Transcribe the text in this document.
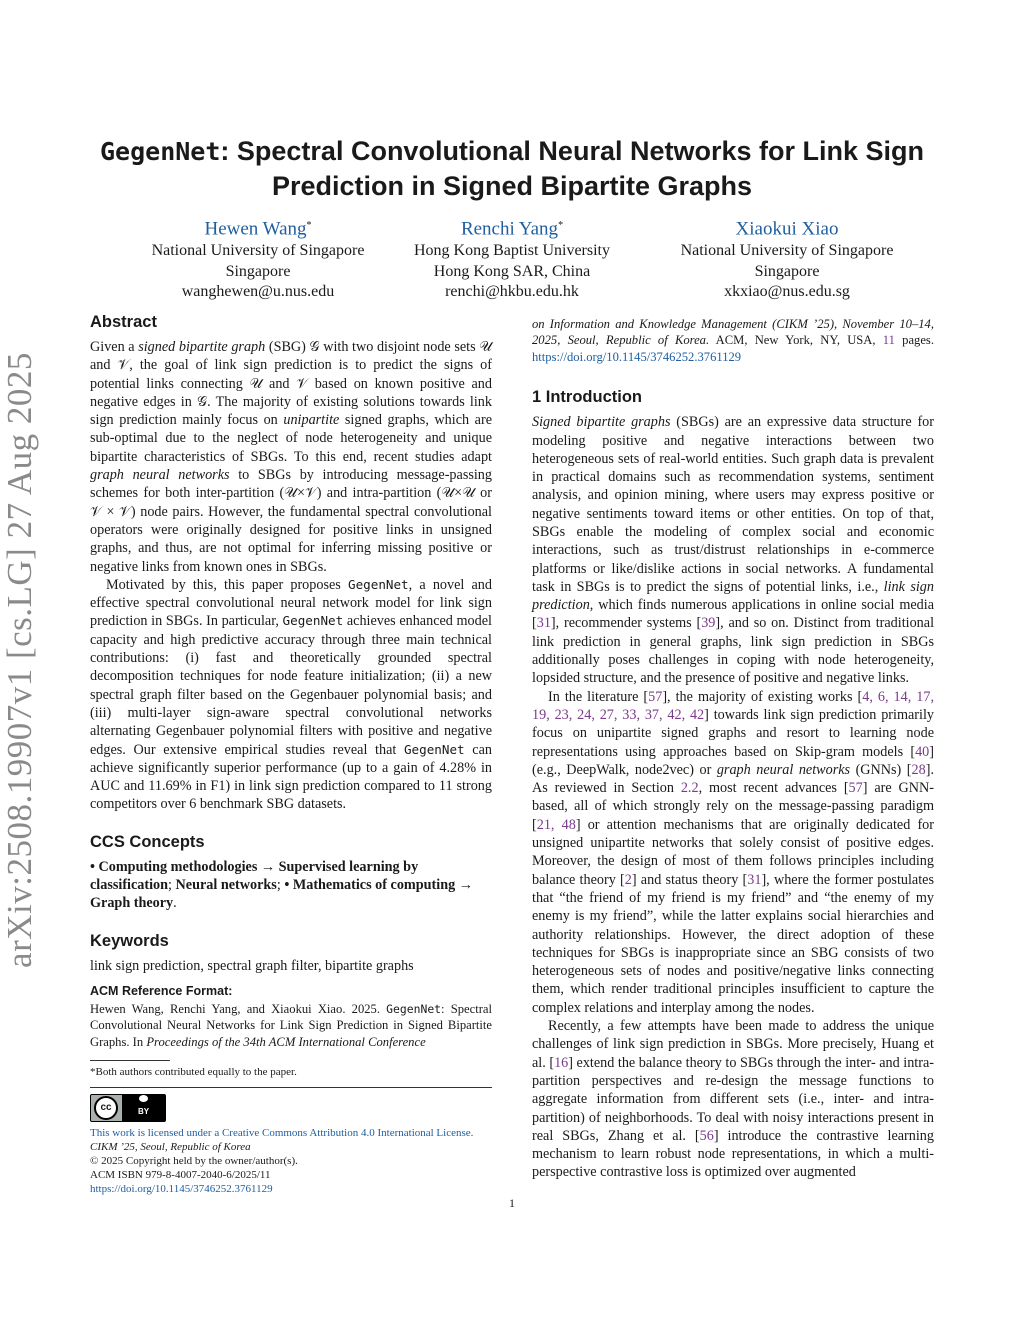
arXiv:2508.19907v1 [cs.LG] 27 Aug 2025
GegenNet: Spectral Convolutional Neural Networks for Link Sign
Prediction in Signed Bipartite Graphs
Hewen Wang*
National University of Singapore
Singapore
wanghewen@u.nus.edu
Renchi Yang*
Hong Kong Baptist University
Hong Kong SAR, China
renchi@hkbu.edu.hk
Xiaokui Xiao
National University of Singapore
Singapore
xkxiao@nus.edu.sg
Abstract

Given a signed bipartite graph (SBG) 𝒢 with two disjoint node sets 𝒰 and 𝒱, the goal of link sign prediction is to predict the signs of potential links connecting 𝒰 and 𝒱 based on known positive and negative edges in 𝒢. The majority of existing solutions towards link sign prediction mainly focus on unipartite signed graphs, which are sub-optimal due to the neglect of node heterogeneity and unique bipartite characteristics of SBGs. To this end, recent studies adapt graph neural networks to SBGs by introducing message-passing schemes for both inter-partition (𝒰×𝒱) and intra-partition (𝒰×𝒰 or 𝒱 × 𝒱) node pairs. However, the fundamental spectral convolutional operators were originally designed for positive links in unsigned graphs, and thus, are not optimal for inferring missing positive or negative links from known ones in SBGs.

Motivated by this, this paper proposes GegenNet, a novel and effective spectral convolutional neural network model for link sign prediction in SBGs. In particular, GegenNet achieves enhanced model capacity and high predictive accuracy through three main technical contributions: (i) fast and theoretically grounded spectral decomposition techniques for node feature initialization; (ii) a new spectral graph filter based on the Gegenbauer polynomial basis; and (iii) multi-layer sign-aware spectral convolutional networks alternating Gegenbauer polynomial filters with positive and negative edges. Our extensive empirical studies reveal that GegenNet can achieve significantly superior performance (up to a gain of 4.28% in AUC and 11.69% in F1) in link sign prediction compared to 11 strong competitors over 6 benchmark SBG datasets.

CCS Concepts

• Computing methodologies → Supervised learning by classification; Neural networks; • Mathematics of computing → Graph theory.

Keywords

link sign prediction, spectral graph filter, bipartite graphs

ACM Reference Format:

Hewen Wang, Renchi Yang, and Xiaokui Xiao. 2025. GegenNet: Spectral Convolutional Neural Networks for Link Sign Prediction in Signed Bipartite Graphs. In Proceedings of the 34th ACM International Conference

*Both authors contributed equally to the paper.
cc	BY
This work is licensed under a Creative Commons Attribution 4.0 International License.
CIKM ’25, Seoul, Republic of Korea
© 2025 Copyright held by the owner/author(s).
ACM ISBN 979-8-4007-2040-6/2025/11
https://doi.org/10.1145/3746252.3761129

on Information and Knowledge Management (CIKM ’25), November 10–14, 2025, Seoul, Republic of Korea. ACM, New York, NY, USA, 11 pages. https://doi.org/10.1145/3746252.3761129

1 Introduction

Signed bipartite graphs (SBGs) are an expressive data structure for modeling positive and negative interactions between two heterogeneous sets of real-world entities. Such graph data is prevalent in practical domains such as recommendation systems, sentiment analysis, and opinion mining, where users may express positive or negative sentiments toward items or other entities. On top of that, SBGs enable the modeling of complex social and economic interactions, such as trust/distrust relationships in e-commerce platforms or like/dislike actions in social networks. A fundamental task in SBGs is to predict the signs of potential links, i.e., link sign prediction, which finds numerous applications in online social media [31], recommender systems [39], and so on. Distinct from traditional link prediction in general graphs, link sign prediction in SBGs additionally poses challenges in coping with node heterogeneity, lopsided structure, and the presence of positive and negative links.

In the literature [57], the majority of existing works [4, 6, 14, 17, 19, 23, 24, 27, 33, 37, 42, 42] towards link sign prediction primarily focus on unipartite signed graphs and resort to learning node representations using approaches based on Skip-gram models [40] (e.g., DeepWalk, node2vec) or graph neural networks (GNNs) [28]. As reviewed in Section 2.2, most recent advances [57] are GNN-based, all of which strongly rely on the message-passing paradigm [21, 48] or attention mechanisms that are originally dedicated for unsigned unipartite networks that solely consist of positive edges. Moreover, the design of most of them follows principles including balance theory [2] and status theory [31], where the former postulates that “the friend of my friend is my friend” and “the enemy of my enemy is my friend”, while the latter explains social hierarchies and authority relationships. However, the direct adoption of these techniques for SBGs is inappropriate since an SBG consists of two heterogeneous sets of nodes and positive/negative links connecting them, which render traditional principles insufficient to capture the complex relations and interplay among the nodes.

Recently, a few attempts have been made to address the unique challenges of link sign prediction in SBGs. More precisely, Huang et al. [16] extend the balance theory to SBGs through the inter- and intra-partition perspectives and re-design the message functions to aggregate information from different sets (i.e., inter- and intra-partition) of neighborhoods. To deal with noisy interactions present in real SBGs, Zhang et al. [56] introduce the contrastive learning mechanism to learn robust node representations, in which a multi-perspective contrastive loss is optimized over augmented

1
